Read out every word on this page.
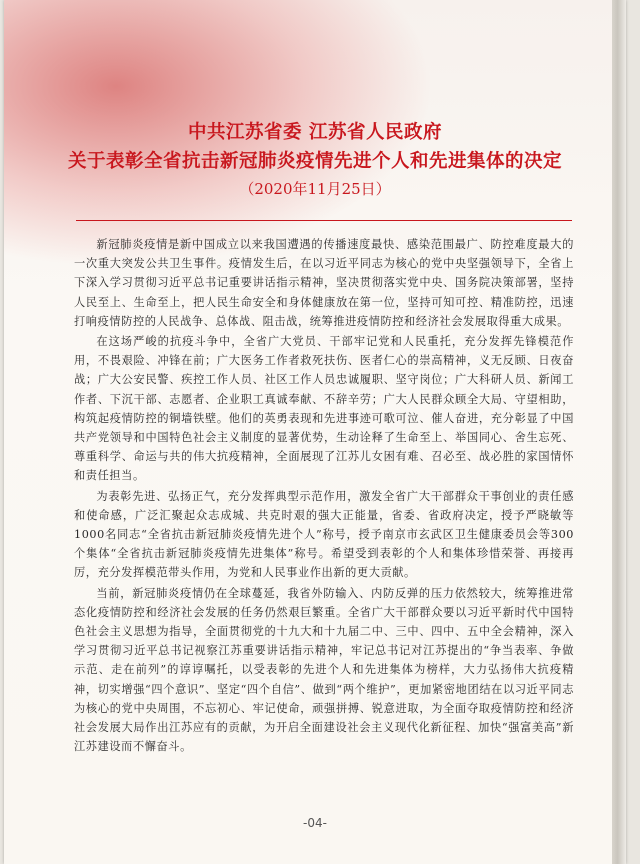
中共江苏省委 江苏省人民政府
关于表彰全省抗击新冠肺炎疫情先进个人和先进集体的决定
（2020年11月25日）

新冠肺炎疫情是新中国成立以来我国遭遇的传播速度最快、感染范围最广、防控难度最大的一次重大突发公共卫生事件。疫情发生后，在以习近平同志为核心的党中央坚强领导下，全省上下深入学习贯彻习近平总书记重要讲话指示精神，坚决贯彻落实党中央、国务院决策部署，坚持人民至上、生命至上，把人民生命安全和身体健康放在第一位，坚持可知可控、精准防控，迅速打响疫情防控的人民战争、总体战、阻击战，统筹推进疫情防控和经济社会发展取得重大成果。

在这场严峻的抗疫斗争中，全省广大党员、干部牢记党和人民重托，充分发挥先锋模范作用，不畏艰险、冲锋在前；广大医务工作者救死扶伤、医者仁心的崇高精神，义无反顾、日夜奋战；广大公安民警、疾控工作人员、社区工作人员忠诚履职、坚守岗位；广大科研人员、新闻工作者、下沉干部、志愿者、企业职工真诚奉献、不辞辛劳；广大人民群众顾全大局、守望相助，构筑起疫情防控的铜墙铁壁。他们的英勇表现和先进事迹可歌可泣、催人奋进，充分彰显了中国共产党领导和中国特色社会主义制度的显著优势，生动诠释了生命至上、举国同心、舍生忘死、尊重科学、命运与共的伟大抗疫精神，全面展现了江苏儿女困有难、召必至、战必胜的家国情怀和责任担当。

为表彰先进、弘扬正气，充分发挥典型示范作用，激发全省广大干部群众干事创业的责任感和使命感，广泛汇聚起众志成城、共克时艰的强大正能量，省委、省政府决定，授予严晓敏等1000名同志“全省抗击新冠肺炎疫情先进个人”称号，授予南京市玄武区卫生健康委员会等300个集体“全省抗击新冠肺炎疫情先进集体”称号。希望受到表彰的个人和集体珍惜荣誉、再接再厉，充分发挥模范带头作用，为党和人民事业作出新的更大贡献。

当前，新冠肺炎疫情仍在全球蔓延，我省外防输入、内防反弹的压力依然较大，统筹推进常态化疫情防控和经济社会发展的任务仍然艰巨繁重。全省广大干部群众要以习近平新时代中国特色社会主义思想为指导，全面贯彻党的十九大和十九届二中、三中、四中、五中全会精神，深入学习贯彻习近平总书记视察江苏重要讲话指示精神，牢记总书记对江苏提出的“争当表率、争做示范、走在前列”的谆谆嘱托，以受表彰的先进个人和先进集体为榜样，大力弘扬伟大抗疫精神，切实增强“四个意识”、坚定“四个自信”、做到“两个维护”，更加紧密地团结在以习近平同志为核心的党中央周围，不忘初心、牢记使命，顽强拼搏、锐意进取，为全面夺取疫情防控和经济社会发展大局作出江苏应有的贡献，为开启全面建设社会主义现代化新征程、加快“强富美高”新江苏建设而不懈奋斗。

-04-
